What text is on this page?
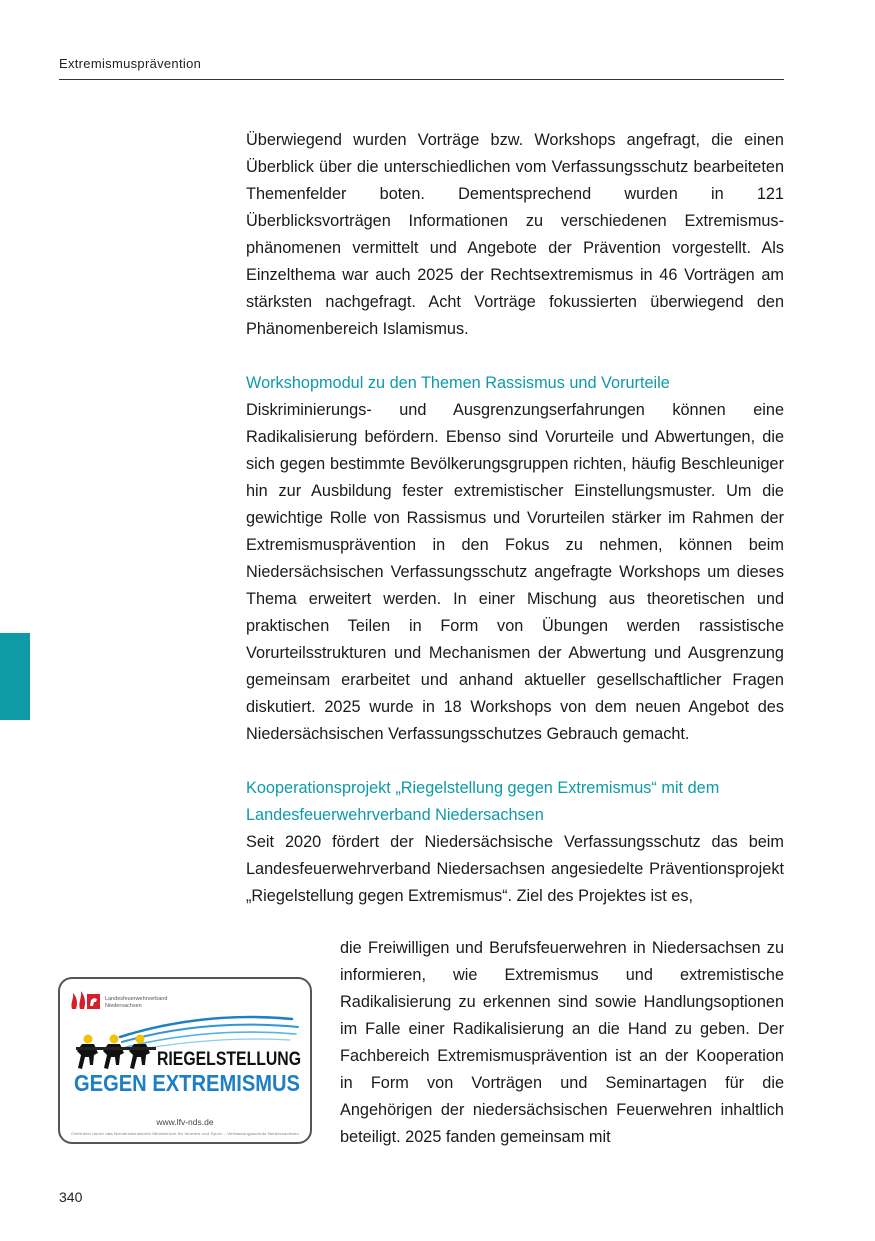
Extremismusprävention

Überwiegend wurden Vorträge bzw. Workshops angefragt, die einen Überblick über die unterschiedlichen vom Verfassungsschutz bearbeiteten Themenfelder boten. Dementsprechend wurden in 121 Überblicksvorträgen Informationen zu verschiedenen Extremismusphänomenen vermittelt und Angebote der Prävention vorgestellt. Als Einzelthema war auch 2025 der Rechtsextremismus in 46 Vorträgen am stärksten nachgefragt. Acht Vorträge fokussierten überwiegend den Phänomenbereich Islamismus.

Workshopmodul zu den Themen Rassismus und Vorurteile

Diskriminierungs- und Ausgrenzungserfahrungen können eine Radikalisierung befördern. Ebenso sind Vorurteile und Abwertungen, die sich gegen bestimmte Bevölkerungsgruppen richten, häufig Beschleuniger hin zur Ausbildung fester extremistischer Einstellungsmuster. Um die gewichtige Rolle von Rassismus und Vorurteilen stärker im Rahmen der Extremismusprävention in den Fokus zu nehmen, können beim Niedersächsischen Verfassungsschutz angefragte Workshops um dieses Thema erweitert werden. In einer Mischung aus theoretischen und praktischen Teilen in Form von Übungen werden rassistische Vorurteilsstrukturen und Mechanismen der Abwertung und Ausgrenzung gemeinsam erarbeitet und anhand aktueller gesellschaftlicher Fragen diskutiert. 2025 wurde in 18 Workshops von dem neuen Angebot des Niedersächsischen Verfassungsschutzes Gebrauch gemacht.

Kooperationsprojekt „Riegelstellung gegen Extremismus“ mit dem
Landesfeuerwehrverband Niedersachsen

Seit 2020 fördert der Niedersächsische Verfassungsschutz das beim Landesfeuerwehrverband Niedersachsen angesiedelte Präventionsprojekt „Riegelstellung gegen Extremismus“. Ziel des Projektes ist es,

die Freiwilligen und Berufsfeuerwehren in Niedersachsen zu informieren, wie Extremismus und extremistische Radikalisierung zu erkennen sind sowie Handlungsoptionen im Falle einer Radikalisierung an die Hand zu geben. Der Fachbereich Extremismusprävention ist an der Kooperation in Form von Vorträgen und Seminartagen für die Angehörigen der niedersächsischen Feuerwehren inhaltlich beteiligt. 2025 fanden gemeinsam mit

Landesfeuerwehrverband
Niedersachsen
RIEGELSTELLUNG
GEGEN EXTREMISMUS
www.lfv-nds.de
Gefördert durch das Niedersächsische Ministerium für Inneres und Sport – Verfassungsschutz Niedersachsen
340
